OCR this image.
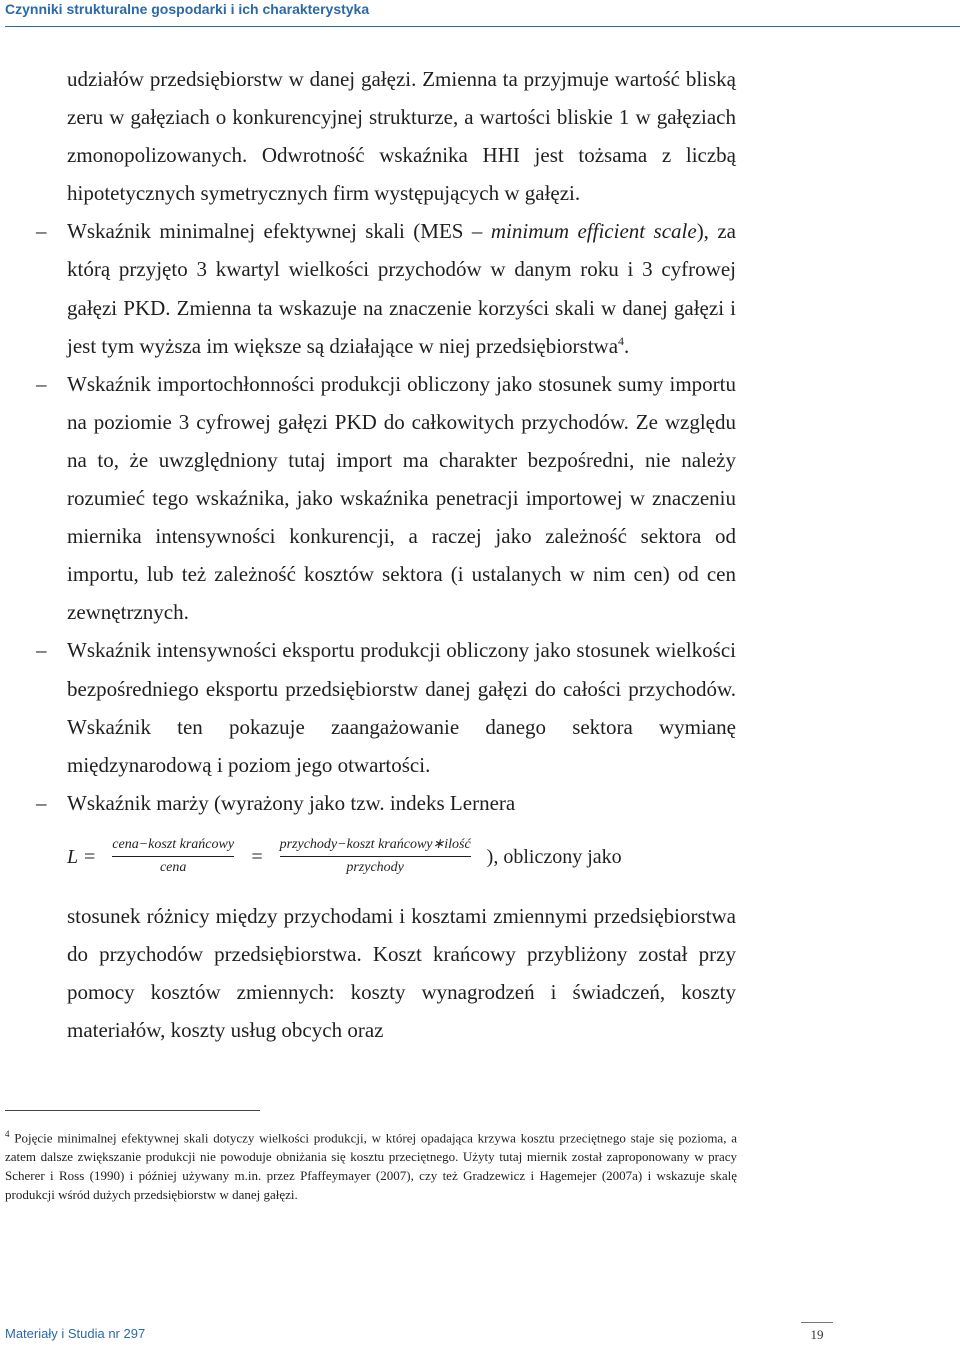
Czynniki strukturalne gospodarki i ich charakterystyka

udziałów przedsiębiorstw w danej gałęzi. Zmienna ta przyjmuje wartość bliską zeru w gałęziach o konkurencyjnej strukturze, a wartości bliskie 1 w gałęziach zmonopolizowanych. Odwrotność wskaźnika HHI jest tożsama z liczbą hipotetycznych symetrycznych firm występujących w gałęzi.

– Wskaźnik minimalnej efektywnej skali (MES – minimum efficient scale), za którą przyjęto 3 kwartyl wielkości przychodów w danym roku i 3 cyfrowej gałęzi PKD. Zmienna ta wskazuje na znaczenie korzyści skali w danej gałęzi i jest tym wyższa im większe są działające w niej przedsiębiorstwa$^4$.
– Wskaźnik importochłonności produkcji obliczony jako stosunek sumy importu na poziomie 3 cyfrowej gałęzi PKD do całkowitych przychodów. Ze względu na to, że uwzględniony tutaj import ma charakter bezpośredni, nie należy rozumieć tego wskaźnika, jako wskaźnika penetracji importowej w znaczeniu miernika intensywności konkurencji, a raczej jako zależność sektora od importu, lub też zależność kosztów sektora (i ustalanych w nim cen) od cen zewnętrznych.
– Wskaźnik intensywności eksportu produkcji obliczony jako stosunek wielkości bezpośredniego eksportu przedsiębiorstw danej gałęzi do całości przychodów. Wskaźnik ten pokazuje zaangażowanie danego sektora wymianę międzynarodową i poziom jego otwartości.
– Wskaźnik marży (wyrażony jako tzw. indeks Lernera
$L = \frac{\text{cena−koszt krańcowy}}{\text{cena}} = \frac{\text{przychody−koszt krańcowy∗ilość}}{\text{przychody}}$ ), obliczony jako
stosunek różnicy między przychodami i kosztami zmiennymi przedsiębiorstwa do przychodów przedsiębiorstwa. Koszt krańcowy przybliżony został przy pomocy kosztów zmiennych: koszty wynagrodzeń i świadczeń, koszty materiałów, koszty usług obcych oraz
$^4$ Pojęcie minimalnej efektywnej skali dotyczy wielkości produkcji, w której opadająca krzywa kosztu przeciętnego staje się pozioma, a zatem dalsze zwiększanie produkcji nie powoduje obniżania się kosztu przeciętnego. Użyty tutaj miernik został zaproponowany w pracy Scherer i Ross (1990) i później używany m.in. przez Pfaffeymayer (2007), czy też Gradzewicz i Hagemejer (2007a) i wskazuje skalę produkcji wśród dużych przedsiębiorstw w danej gałęzi.
Materiały i Studia nr 297	19
